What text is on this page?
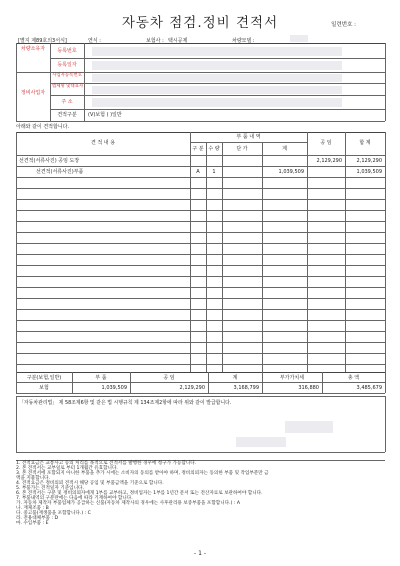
자동차 점검.정비 견적서	일련번호 :
[별지 제89호의3서식]	연식 :	보험사 : 택시공제	차량모델 :
차량소유자	등록번호
등록일자
정비사업자
사업자등록번호
법체명 및대표자
주 소
견적구분	(V)보험 ( )일반
아래와 같이 견적합니다.
견 적 내 용
부 품 내 역
구 분 수 량	단 가	계
공 임	합 계
선견적(서류사진) 공임 도장	2,129,290	2,129,290
선견적(서류사진)부품	A	1	1,039,509	1,039,509
구분(보험,일반)	부 품	공 임	계	부가가치세	총 액
보험	1,039,509	2,129,290	3,168,799	316,880	3,485,679
「자동차관리법」 제 58조제6항 및 같은 법 시행규칙 제 134조제2항에 따라 위와 같이 발급합니다.
1. 견적요금은 교통사고 등의 처리를 목적으로 견적서를 발행한 경우에 청구가 가능합니다.
2. 본 견적서는 교부일로 부터 1개월간 유효합니다.
3. 본 견적서에 포함되지 아니한 부품을 추가 시에는 소비자의 동의를 받아야 하며, 정비의뢰자는 동의한 부품 및 작업부분만 금
액을 지불합니다.
4. 견적요금은 정비의뢰 견적시 해당 공임 및 부품금액을 기준으로 합니다.
5. 부품가는 견적일자 기준입니다.
6. 본 견적서는 구분 및 정비의뢰자에게 1부를 교부하고, 정비업자는 1부를 1년간 문서 또는 전산자료로 보관하여야 합니다.
7. 부품내역의 구분란에는 다음에 따라 기재하여야 합니다.
가. 자동차 제작자 부품업체가 공급하는 신품(자동차 제작사의 경우에는 사후관리용 보증부품을 포함합니다.) : A
나. 재제조품 : B
다. 중고품(재생품을 포함합니다.) : C
라. 전용대체부품 : D
마. 수입부품 : E
- 1 -
